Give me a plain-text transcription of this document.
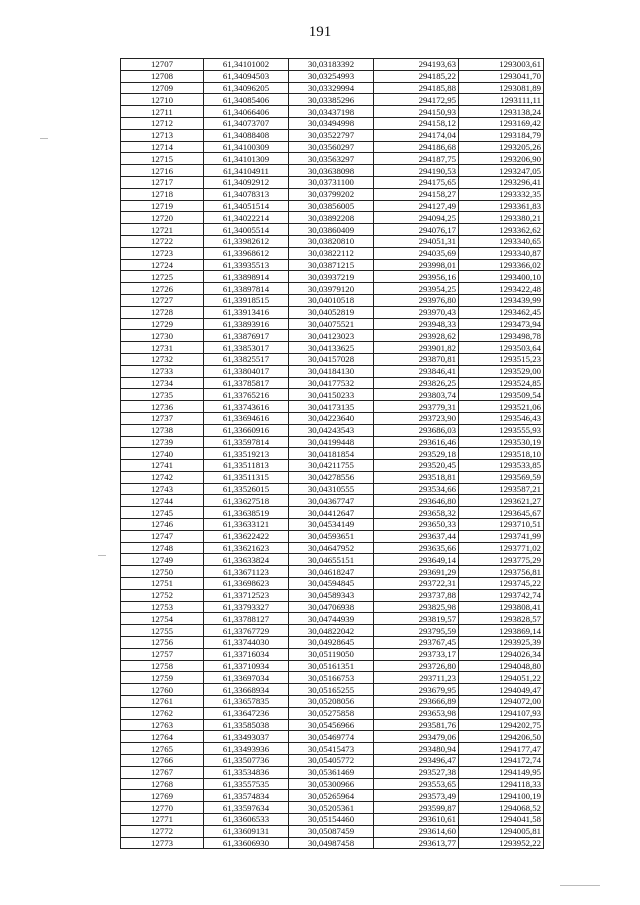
191
12707	61,34101002	30,03183392	294193,63	1293003,61
12708	61,34094503	30,03254993	294185,22	1293041,70
12709	61,34096205	30,03329994	294185,88	1293081,89
12710	61,34085406	30,03385296	294172,95	1293111,11
12711	61,34066406	30,03437198	294150,93	1293138,24
12712	61,34073707	30,03494998	294158,12	1293169,42
12713	61,34088408	30,03522797	294174,04	1293184,79
12714	61,34100309	30,03560297	294186,68	1293205,26
12715	61,34101309	30,03563297	294187,75	1293206,90
12716	61,34104911	30,03638098	294190,53	1293247,05
12717	61,34092912	30,03731100	294175,65	1293296,41
12718	61,34078313	30,03799202	294158,27	1293332,35
12719	61,34051514	30,03856005	294127,49	1293361,83
12720	61,34022214	30,03892208	294094,25	1293380,21
12721	61,34005514	30,03860409	294076,17	1293362,62
12722	61,33982612	30,03820810	294051,31	1293340,65
12723	61,33968612	30,03822112	294035,69	1293340,87
12724	61,33935513	30,03871215	293998,01	1293366,02
12725	61,33898914	30,03937219	293956,16	1293400,10
12726	61,33897814	30,03979120	293954,25	1293422,48
12727	61,33918515	30,04010518	293976,80	1293439,99
12728	61,33913416	30,04052819	293970,43	1293462,45
12729	61,33893916	30,04075521	293948,33	1293473,94
12730	61,33876917	30,04123023	293928,62	1293498,78
12731	61,33853017	30,04133625	293901,82	1293503,64
12732	61,33825517	30,04157028	293870,81	1293515,23
12733	61,33804017	30,04184130	293846,41	1293529,00
12734	61,33785817	30,04177532	293826,25	1293524,85
12735	61,33765216	30,04150233	293803,74	1293509,54
12736	61,33743616	30,04173135	293779,31	1293521,06
12737	61,33694616	30,04223640	293723,90	1293546,43
12738	61,33660916	30,04243543	293686,03	1293555,93
12739	61,33597814	30,04199448	293616,46	1293530,19
12740	61,33519213	30,04181854	293529,18	1293518,10
12741	61,33511813	30,04211755	293520,45	1293533,85
12742	61,33511315	30,04278556	293518,81	1293569,59
12743	61,33526015	30,04310555	293534,66	1293587,21
12744	61,33627518	30,04367747	293646,80	1293621,27
12745	61,33638519	30,04412647	293658,32	1293645,67
12746	61,33633121	30,04534149	293650,33	1293710,51
12747	61,33622422	30,04593651	293637,44	1293741,99
12748	61,33621623	30,04647952	293635,66	1293771,02
12749	61,33633824	30,04655151	293649,14	1293775,29
12750	61,33671123	30,04618247	293691,29	1293756,81
12751	61,33698623	30,04594845	293722,31	1293745,22
12752	61,33712523	30,04589343	293737,88	1293742,74
12753	61,33793327	30,04706938	293825,98	1293808,41
12754	61,33788127	30,04744939	293819,57	1293828,57
12755	61,33767729	30,04822042	293795,59	1293869,14
12756	61,33744030	30,04928645	293767,45	1293925,39
12757	61,33716034	30,05119050	293733,17	1294026,34
12758	61,33710934	30,05161351	293726,80	1294048,80
12759	61,33697034	30,05166753	293711,23	1294051,22
12760	61,33668934	30,05165255	293679,95	1294049,47
12761	61,33657835	30,05208056	293666,89	1294072,00
12762	61,33647236	30,05275858	293653,98	1294107,93
12763	61,33585038	30,05456966	293581,76	1294202,75
12764	61,33493037	30,05469774	293479,06	1294206,50
12765	61,33493936	30,05415473	293480,94	1294177,47
12766	61,33507736	30,05405772	293496,47	1294172,74
12767	61,33534836	30,05361469	293527,38	1294149,95
12768	61,33557535	30,05300966	293553,65	1294118,33
12769	61,33574834	30,05265964	293573,49	1294100,19
12770	61,33597634	30,05205361	293599,87	1294068,52
12771	61,33606533	30,05154460	293610,61	1294041,58
12772	61,33609131	30,05087459	293614,60	1294005,81
12773	61,33606930	30,04987458	293613,77	1293952,22
